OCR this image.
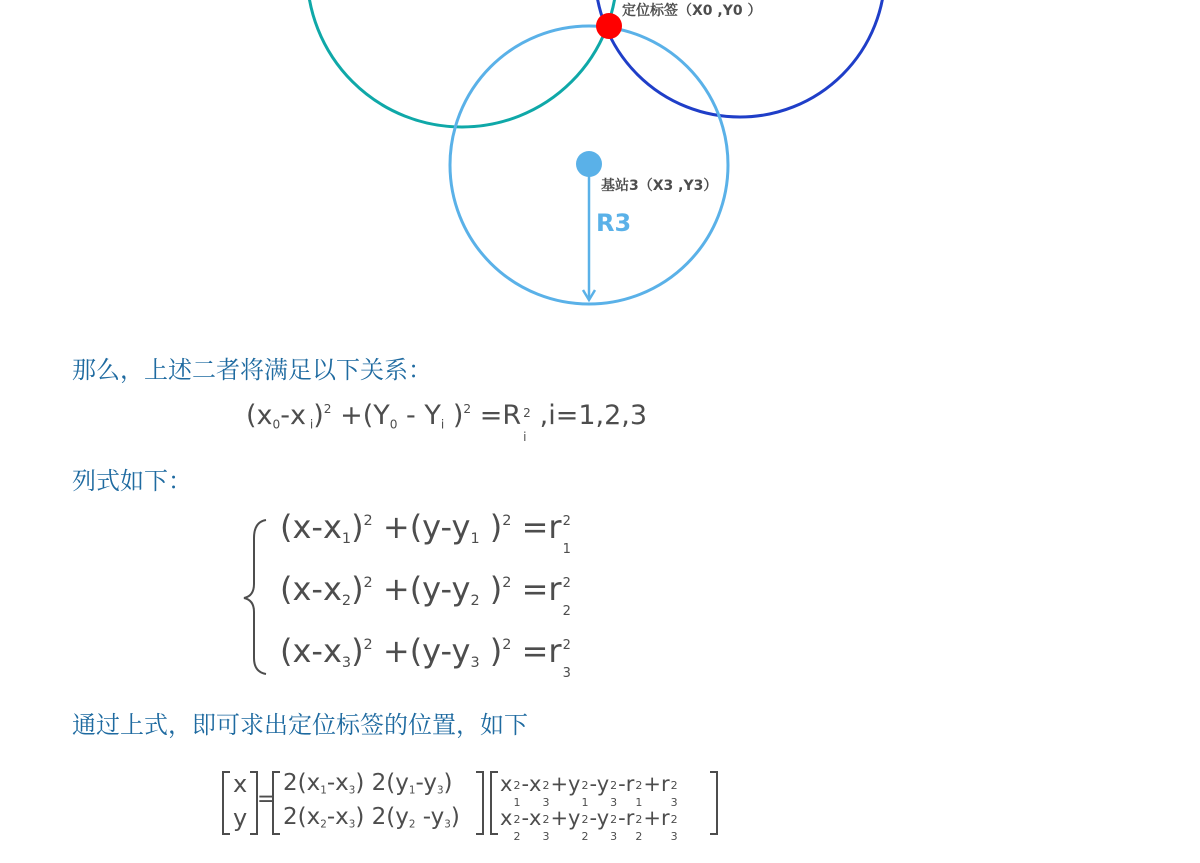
定位标签（X0 ,Y0 ）
基站3（X3 ,Y3）
R3
那么，上述二者将满足以下关系：
($x_0-x$ $_i)^2 +(Y_0 - Y_i$ )$^2$ =R 2
i
,i=1,2,3
列式如下：
$(x-x_1)^2 +(y-y_1$ )$^2$ =r 2
1
$(x-x_2)^2 +(y-y_2$ )$^2$ =r 2
2
$(x-x_3)^2 +(y-y_3$ )$^2$ =r 2
3
通过上式，即可求出定位标签的位置，如下
x
y
=
$2(x_1-x_3)$ $2(y_1-y_3)$
$2(x_2-x_3)$ $2(y_2$ $-y_3$)
x 2
1
-x 2
3
+y 2
1
-y 2
3
-r 2
1
+r 2
3
x 2
2
-x 2
3
+y 2
2
-y 2
3
-r 2
2
+r 2
3
